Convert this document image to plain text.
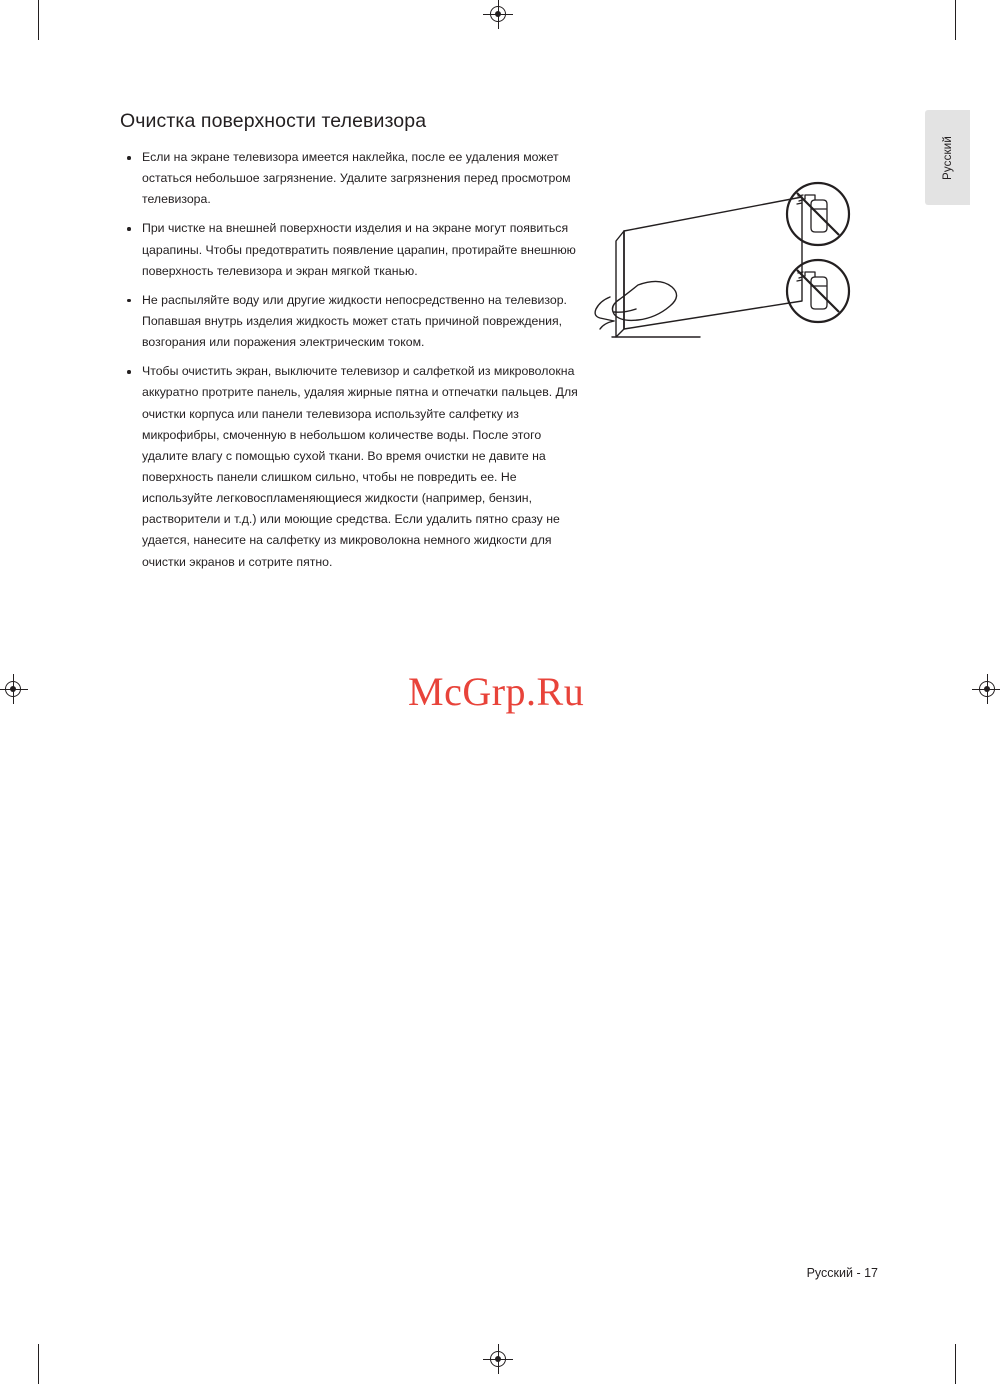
Русский
Очистка поверхности телевизора
Если на экране телевизора имеется наклейка, после ее удаления может остаться небольшое загрязнение. Удалите загрязнения перед просмотром телевизора.
При чистке на внешней поверхности изделия и на экране могут появиться царапины. Чтобы предотвратить появление царапин, протирайте внешнюю поверхность телевизора и экран мягкой тканью.
Не распыляйте воду или другие жидкости непосредственно на телевизор. Попавшая внутрь изделия жидкость может стать причиной повреждения, возгорания или поражения электрическим током.
Чтобы очистить экран, выключите телевизор и салфеткой из микроволокна аккуратно протрите панель, удаляя жирные пятна и отпечатки пальцев. Для очистки корпуса или панели телевизора используйте салфетку из микрофибры, смоченную в небольшом количестве воды. После этого удалите влагу с помощью сухой ткани. Во время очистки не давите на поверхность панели слишком сильно, чтобы не повредить ее. Не используйте легковоспламеняющиеся жидкости (например, бензин, растворители и т.д.) или моющие средства. Если удалить пятно сразу не удается, нанесите на салфетку из микроволокна немного жидкости для очистки экранов и сотрите пятно.
McGrp.Ru
Русский - 17
